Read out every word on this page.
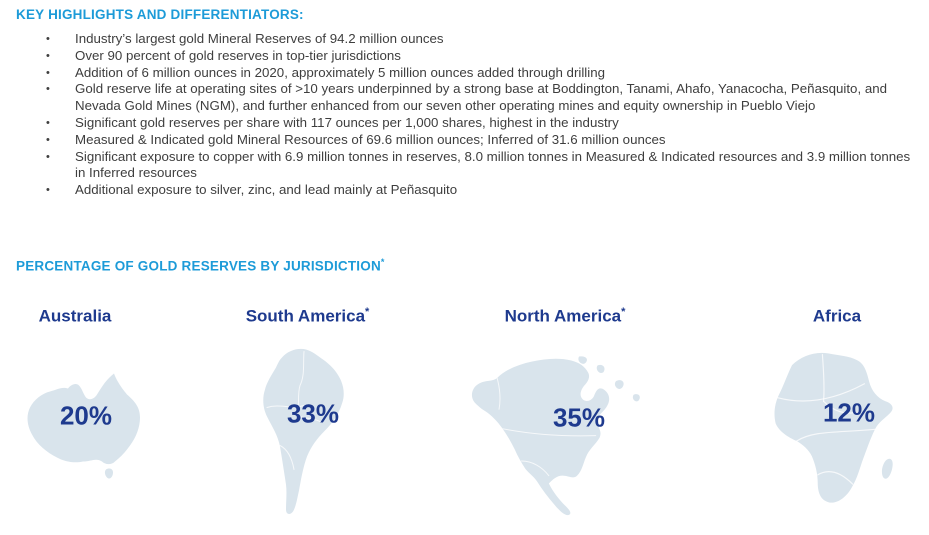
KEY HIGHLIGHTS AND DIFFERENTIATORS:
•	Industry’s largest gold Mineral Reserves of 94.2 million ounces
•	Over 90 percent of gold reserves in top-tier jurisdictions
•	Addition of 6 million ounces in 2020, approximately 5 million ounces added through drilling
•	Gold reserve life at operating sites of >10 years underpinned by a strong base at Boddington, Tanami, Ahafo, Yanacocha, Peñasquito, and Nevada Gold Mines (NGM), and further enhanced from our seven other operating mines and equity ownership in Pueblo Viejo
•	Significant gold reserves per share with 117 ounces per 1,000 shares, highest in the industry
•	Measured & Indicated gold Mineral Resources of 69.6 million ounces; Inferred of 31.6 million ounces
•	Significant exposure to copper with 6.9 million tonnes in reserves, 8.0 million tonnes in Measured & Indicated resources and 3.9 million tonnes in Inferred resources
•	Additional exposure to silver, zinc, and lead mainly at Peñasquito
PERCENTAGE OF GOLD RESERVES BY JURISDICTION*
Australia
20%
South America*
33%
North America*
35%
Africa
12%
